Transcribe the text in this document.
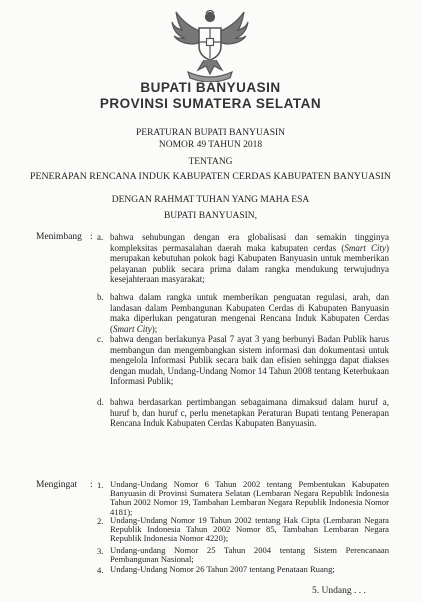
BUPATI BANYUASIN
PROVINSI SUMATERA SELATAN
PERATURAN BUPATI BANYUASIN
NOMOR 49 TAHUN 2018
TENTANG
PENERAPAN RENCANA INDUK KABUPATEN CERDAS KABUPATEN BANYUASIN
DENGAN RAHMAT TUHAN YANG MAHA ESA
BUPATI BANYUASIN,
Menimbang : a. bahwa sehubungan dengan era globalisasi dan semakin tingginya kompleksitas permasalahan daerah maka kabupaten cerdas (Smart City) merupakan kebutuhan pokok bagi Kabupaten Banyuasin untuk memberikan pelayanan publik secara prima dalam rangka mendukung terwujudnya kesejahteraan masyarakat;
b. bahwa dalam rangka untuk memberikan penguatan regulasi, arah, dan landasan dalam Pembangunan Kabupaten Cerdas di Kabupaten Banyuasin maka diperlukan pengaturan mengenai Rencana Induk Kabupaten Cerdas (Smart City);
c. bahwa dengan berlakunya Pasal 7 ayat 3 yang berbunyi Badan Publik harus membangun dan mengembangkan sistem informasi dan dokumentasi untuk mengelola Informasi Publik secara baik dan efisien sehingga dapat diakses dengan mudah, Undang-Undang Nomor 14 Tahun 2008 tentang Keterbukaan Informasi Publik;
d. bahwa berdasarkan pertimbangan sebagaimana dimaksud dalam huruf a, huruf b, dan huruf c, perlu menetapkan Peraturan Bupati tentang Penerapan Rencana Induk Kabupaten Cerdas Kabupaten Banyuasin.
Mengingat : 1. Undang-Undang Nomor 6 Tahun 2002 tentang Pembentukan Kabupaten Banyuasin di Provinsi Sumatera Selatan (Lembaran Negara Republik Indonesia Tahun 2002 Nomor 19, Tambahan Lembaran Negara Republik Indonesia Nomor 4181);
2. Undang-Undang Nomor 19 Tahun 2002 tentang Hak Cipta (Lembaran Negara Republik Indonesia Tahun 2002 Nomor 85, Tambahan Lembaran Negara Republik Indonesia Nomor 4220);
3. Undang-undang Nomor 25 Tahun 2004 tentang Sistem Perencanaan Pembangunan Nasional;
4. Undang-Undang Nomor 26 Tahun 2007 tentang Penataan Ruang;
5. Undang . . .
